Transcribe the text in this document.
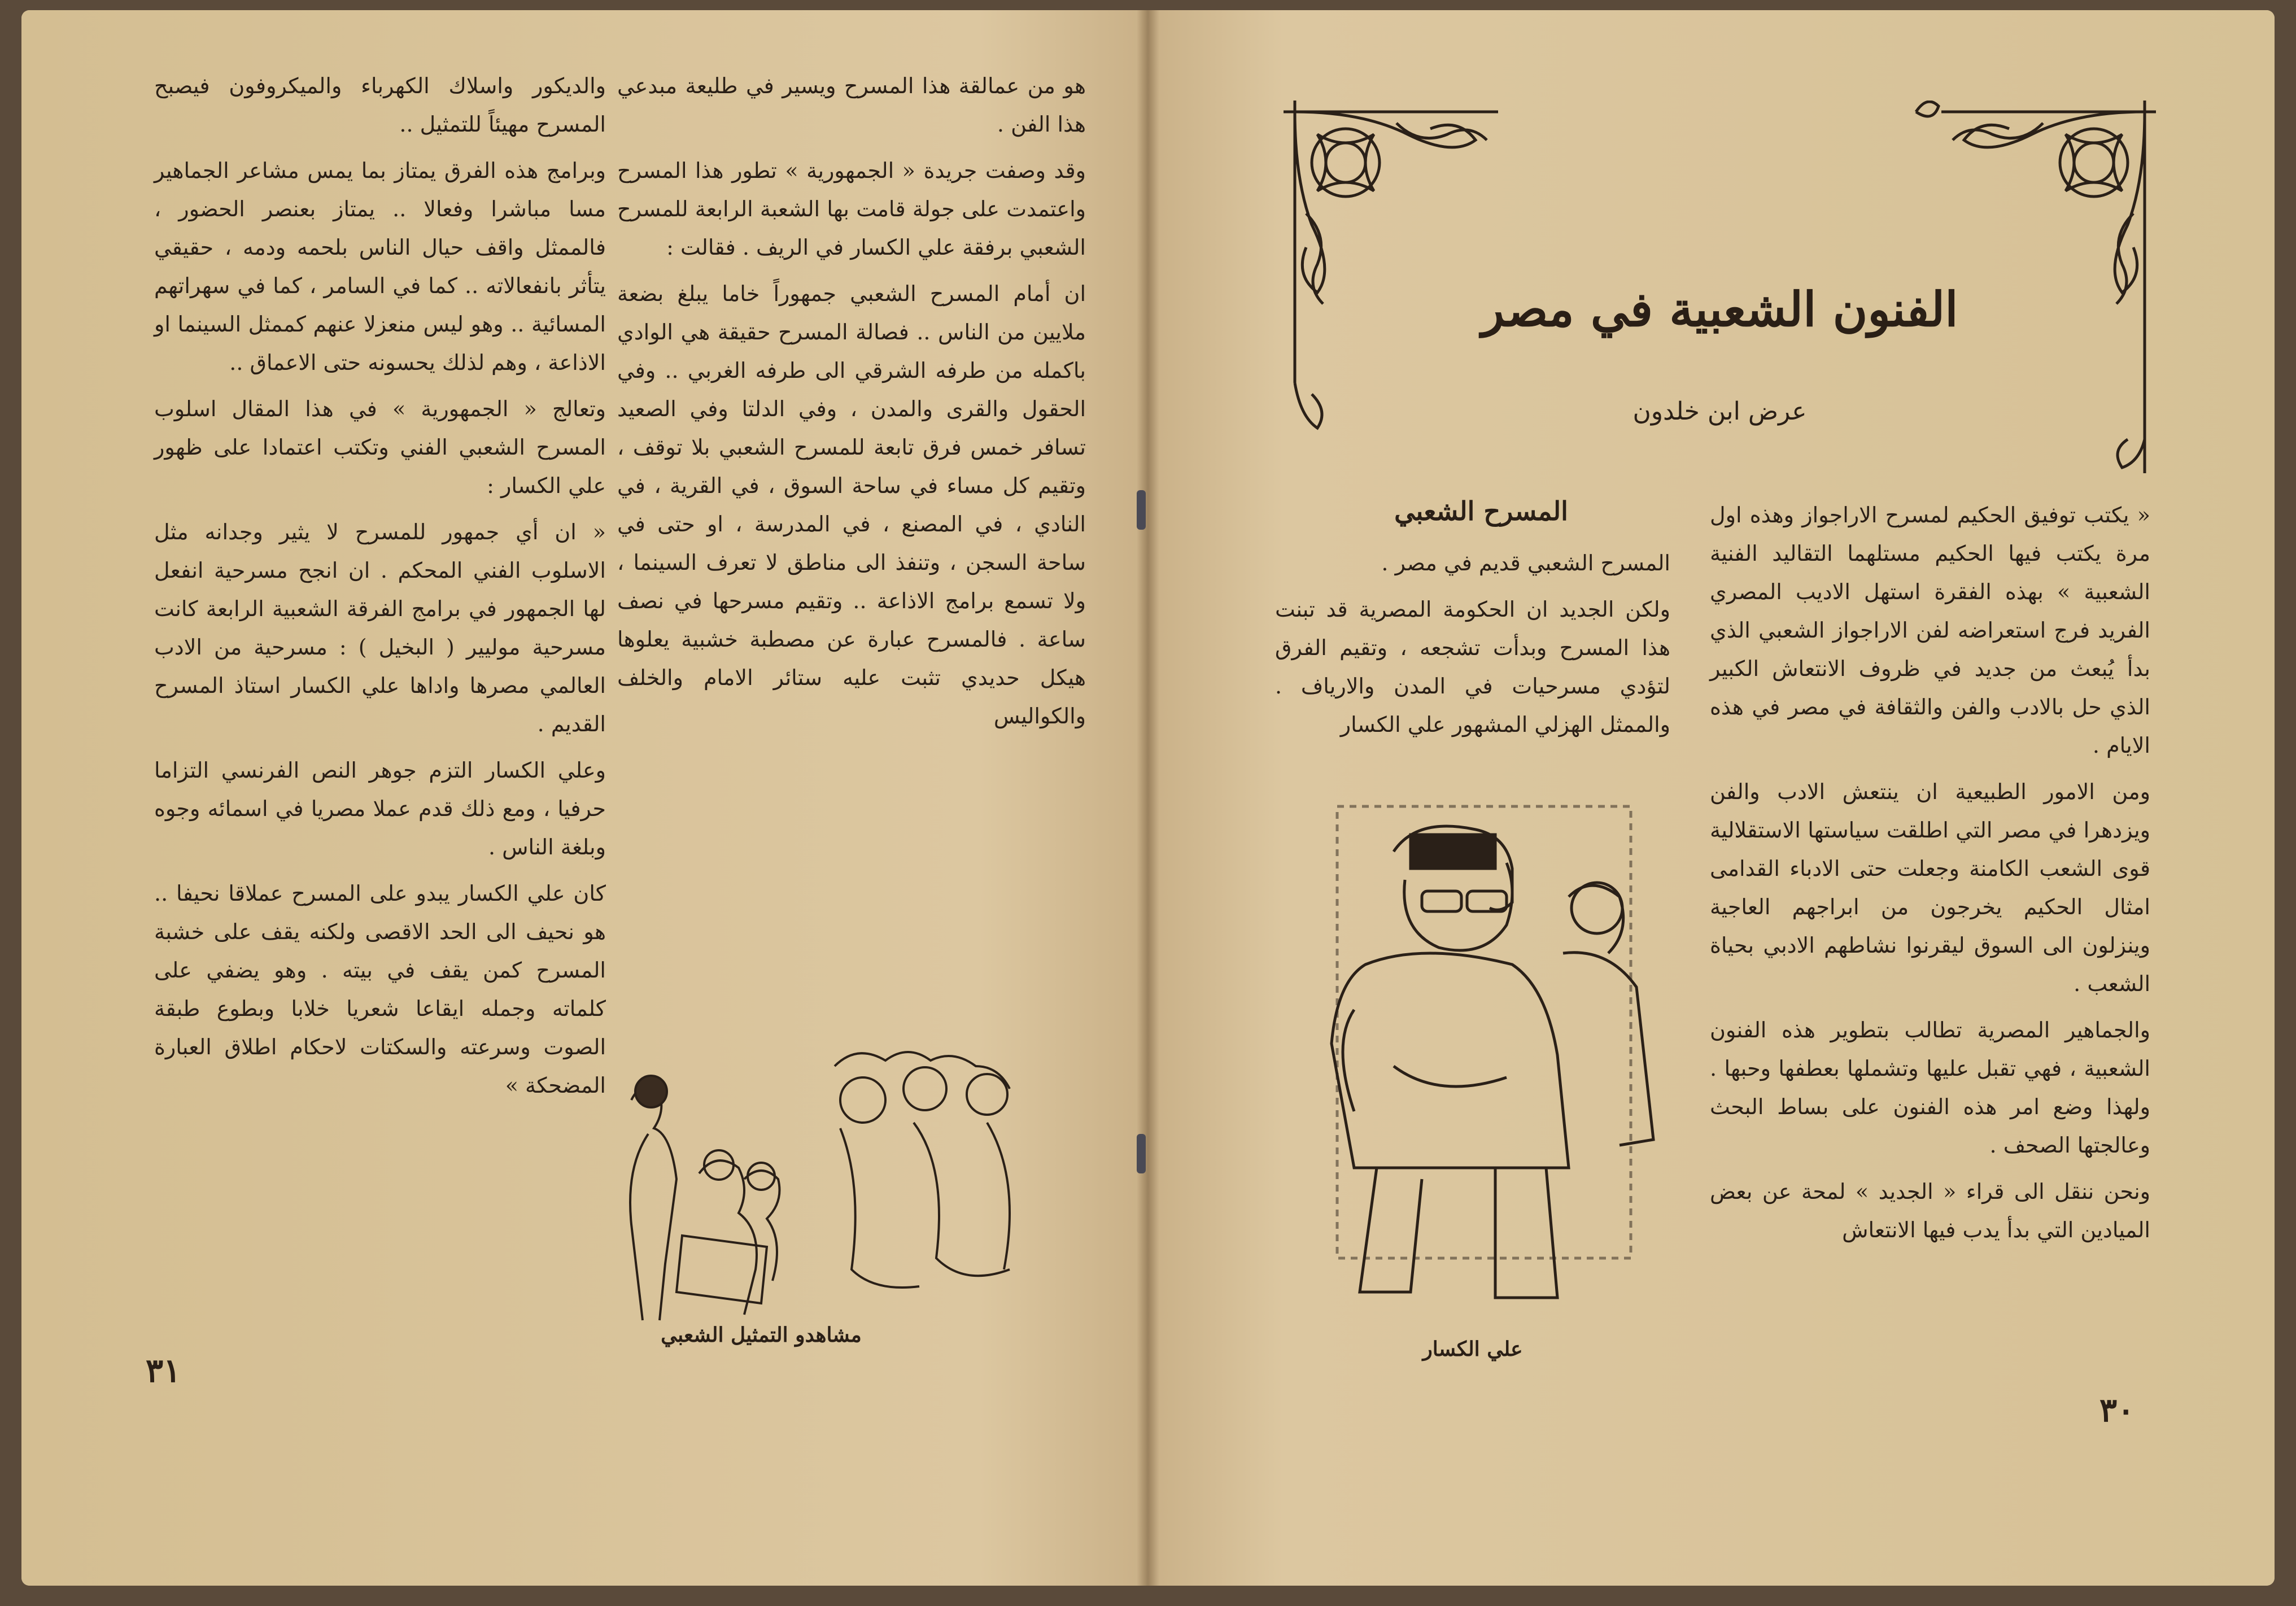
هو من عمالقة هذا المسرح ويسير في طليعة مبدعي هذا الفن .

وقد وصفت جريدة « الجمهورية » تطور هذا المسرح واعتمدت على جولة قامت بها الشعبة الرابعة للمسرح الشعبي برفقة علي الكسار في الريف . فقالت :

ان أمام المسرح الشعبي جمهوراً خاما يبلغ بضعة ملايين من الناس .. فصالة المسرح حقيقة هي الوادي باكمله من طرفه الشرقي الى طرفه الغربي .. وفي الحقول والقرى والمدن ، وفي الدلتا وفي الصعيد تسافر خمس فرق تابعة للمسرح الشعبي بلا توقف ، وتقيم كل مساء في ساحة السوق ، في القرية ، في النادي ، في المصنع ، في المدرسة ، او حتى في ساحة السجن ، وتنفذ الى مناطق لا تعرف السينما ، ولا تسمع برامج الاذاعة .. وتقيم مسرحها في نصف ساعة . فالمسرح عبارة عن مصطبة خشبية يعلوها هيكل حديدي تثبت عليه ستائر الامام والخلف والكواليس

والديكور واسلاك الكهرباء والميكروفون فيصبح المسرح مهيئاً للتمثيل ..

وبرامج هذه الفرق يمتاز بما يمس مشاعر الجماهير مسا مباشرا وفعالا .. يمتاز بعنصر الحضور ، فالممثل واقف حيال الناس بلحمه ودمه ، حقيقي يتأثر بانفعالاته .. كما في السامر ، كما في سهراتهم المسائية .. وهو ليس منعزلا عنهم كممثل السينما او الاذاعة ، وهم لذلك يحسونه حتى الاعماق ..

وتعالج « الجمهورية » في هذا المقال اسلوب المسرح الشعبي الفني وتكتب اعتمادا على ظهور علي الكسار :

« ان أي جمهور للمسرح لا يثير وجدانه مثل الاسلوب الفني المحكم . ان انجح مسرحية انفعل لها الجمهور في برامج الفرقة الشعبية الرابعة كانت مسرحية موليير ( البخيل ) : مسرحية من الادب العالمي مصرها واداها علي الكسار استاذ المسرح القديم .

وعلي الكسار التزم جوهر النص الفرنسي التزاما حرفيا ، ومع ذلك قدم عملا مصريا في اسمائه وجوه وبلغة الناس .

كان علي الكسار يبدو على المسرح عملاقا نحيفا .. هو نحيف الى الحد الاقصى ولكنه يقف على خشبة المسرح كمن يقف في بيته . وهو يضفي على كلماته وجمله ايقاعا شعريا خلابا وبطوع طبقة الصوت وسرعته والسكتات لاحكام اطلاق العبارة المضحكة »

مشاهدو التمثيل الشعبي
٣١
الفنون الشعبية في مصر
عرض ابن خلدون

« يكتب توفيق الحكيم لمسرح الاراجواز وهذه اول مرة يكتب فيها الحكيم مستلهما التقاليد الفنية الشعبية » بهذه الفقرة استهل الاديب المصري الفريد فرج استعراضه لفن الاراجواز الشعبي الذي بدأ يُبعث من جديد في ظروف الانتعاش الكبير الذي حل بالادب والفن والثقافة في مصر في هذه الايام .

ومن الامور الطبيعية ان ينتعش الادب والفن ويزدهرا في مصر التي اطلقت سياستها الاستقلالية قوى الشعب الكامنة وجعلت حتى الادباء القدامى امثال الحكيم يخرجون من ابراجهم العاجية وينزلون الى السوق ليقرنوا نشاطهم الادبي بحياة الشعب .

والجماهير المصرية تطالب بتطوير هذه الفنون الشعبية ، فهي تقبل عليها وتشملها بعطفها وحبها . ولهذا وضع امر هذه الفنون على بساط البحث وعالجتها الصحف .

ونحن ننقل الى قراء « الجديد » لمحة عن بعض الميادين التي بدأ يدب فيها الانتعاش

المسرح الشعبي

المسرح الشعبي قديم في مصر .

ولكن الجديد ان الحكومة المصرية قد تبنت هذا المسرح وبدأت تشجعه ، وتقيم الفرق لتؤدي مسرحيات في المدن والارياف . والممثل الهزلي المشهور علي الكسار

علي الكسار
٣٠
